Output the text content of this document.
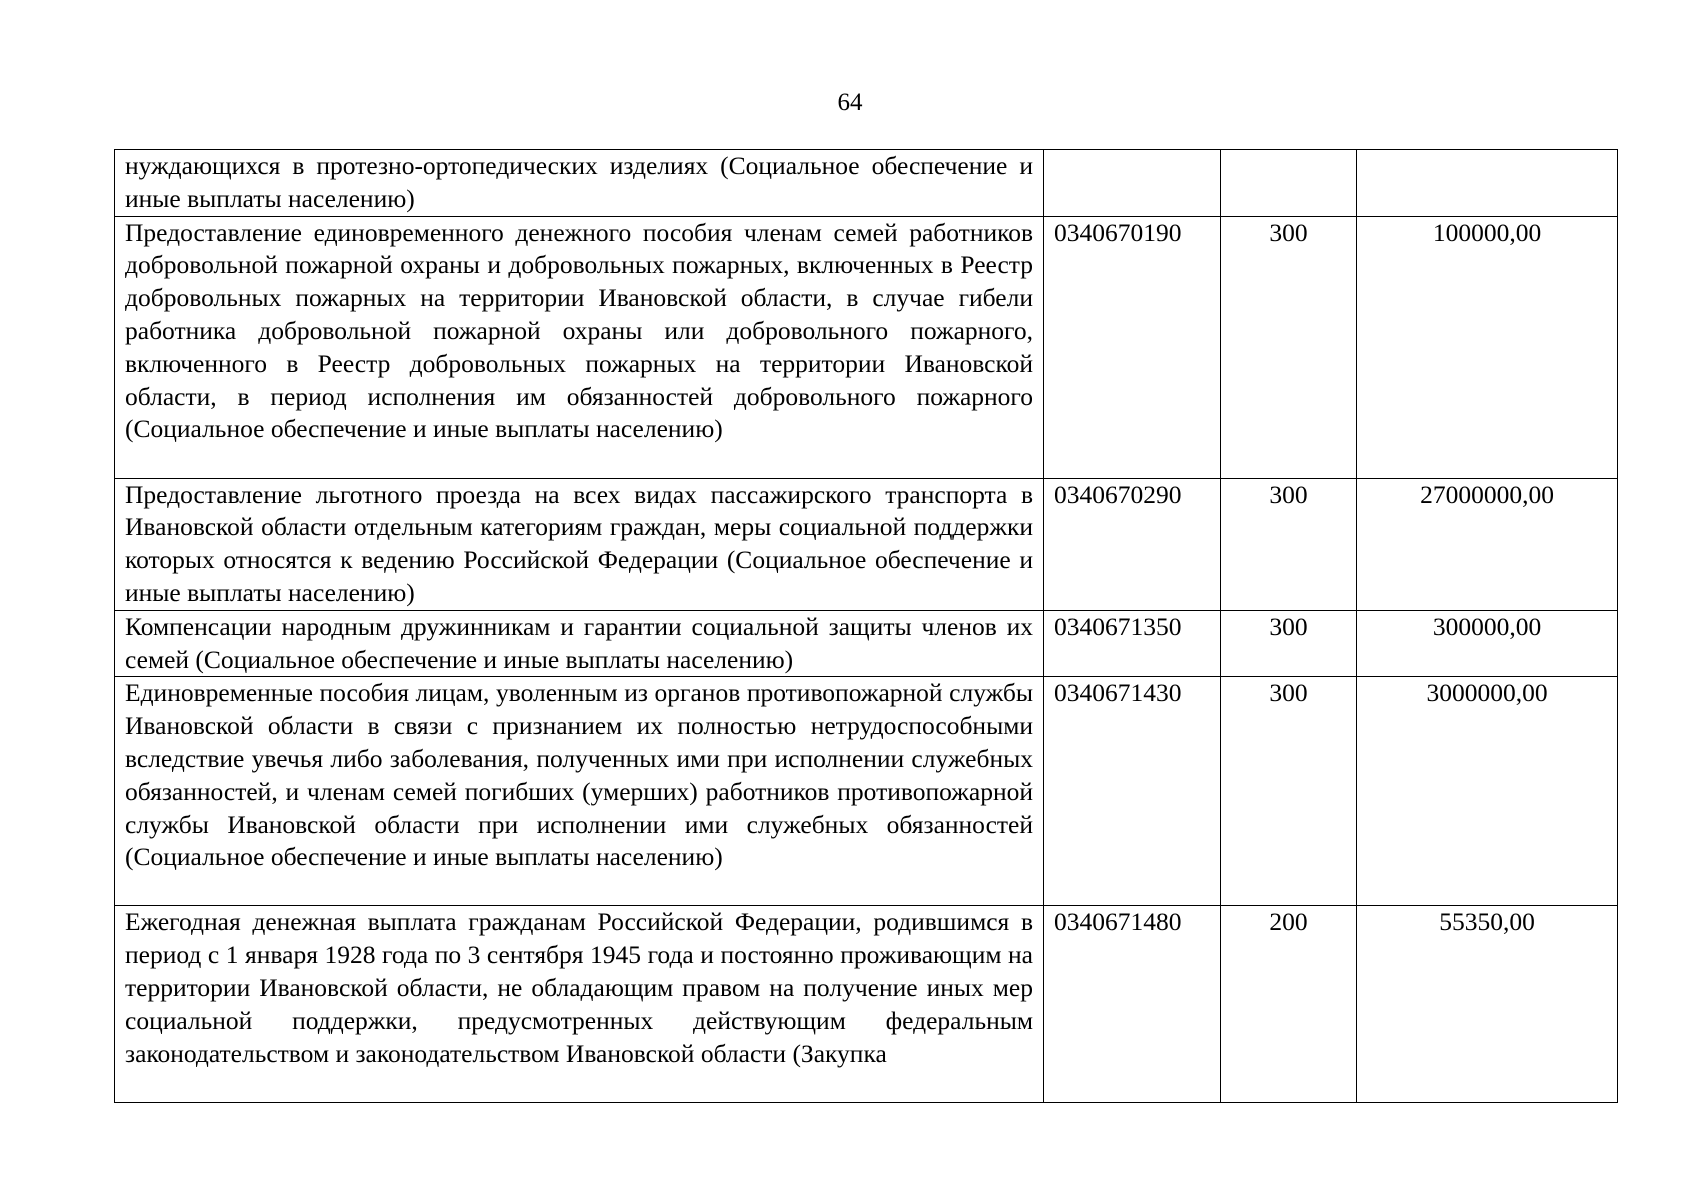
64
нуждающихся в протезно-ортопедических изделиях (Социальное обеспечение и иные выплаты населению)			

Предоставление единовременного денежного пособия членам семей работников добровольной пожарной охраны и добровольных пожарных, включенных в Реестр добровольных пожарных на территории Ивановской области, в случае гибели работника добровольной пожарной охраны или добровольного пожарного, включенного в Реестр добровольных пожарных на территории Ивановской области, в период исполнения им обязанностей добровольного пожарного (Социальное обеспечение и иные выплаты населению)	0340670190	300	100000,00

Предоставление льготного проезда на всех видах пассажирского транспорта в Ивановской области отдельным категориям граждан, меры социальной поддержки которых относятся к ведению Российской Федерации (Социальное обеспечение и иные выплаты населению)	0340670290	300	27000000,00

Компенсации народным дружинникам и гарантии социальной защиты членов их семей (Социальное обеспечение и иные выплаты населению)	0340671350	300	300000,00

Единовременные пособия лицам, уволенным из органов противопожарной службы Ивановской области в связи с признанием их полностью нетрудоспособными вследствие увечья либо заболевания, полученных ими при исполнении служебных обязанностей, и членам семей погибших (умерших) работников противопожарной службы Ивановской области при исполнении ими служебных обязанностей (Социальное обеспечение и иные выплаты населению)	0340671430	300	3000000,00

Ежегодная денежная выплата гражданам Российской Федерации, родившимся в период с 1 января 1928 года по 3 сентября 1945 года и постоянно проживающим на территории Ивановской области, не обладающим правом на получение иных мер социальной поддержки, предусмотренных действующим федеральным законодательством и законодательством Ивановской области (Закупка	0340671480	200	55350,00
